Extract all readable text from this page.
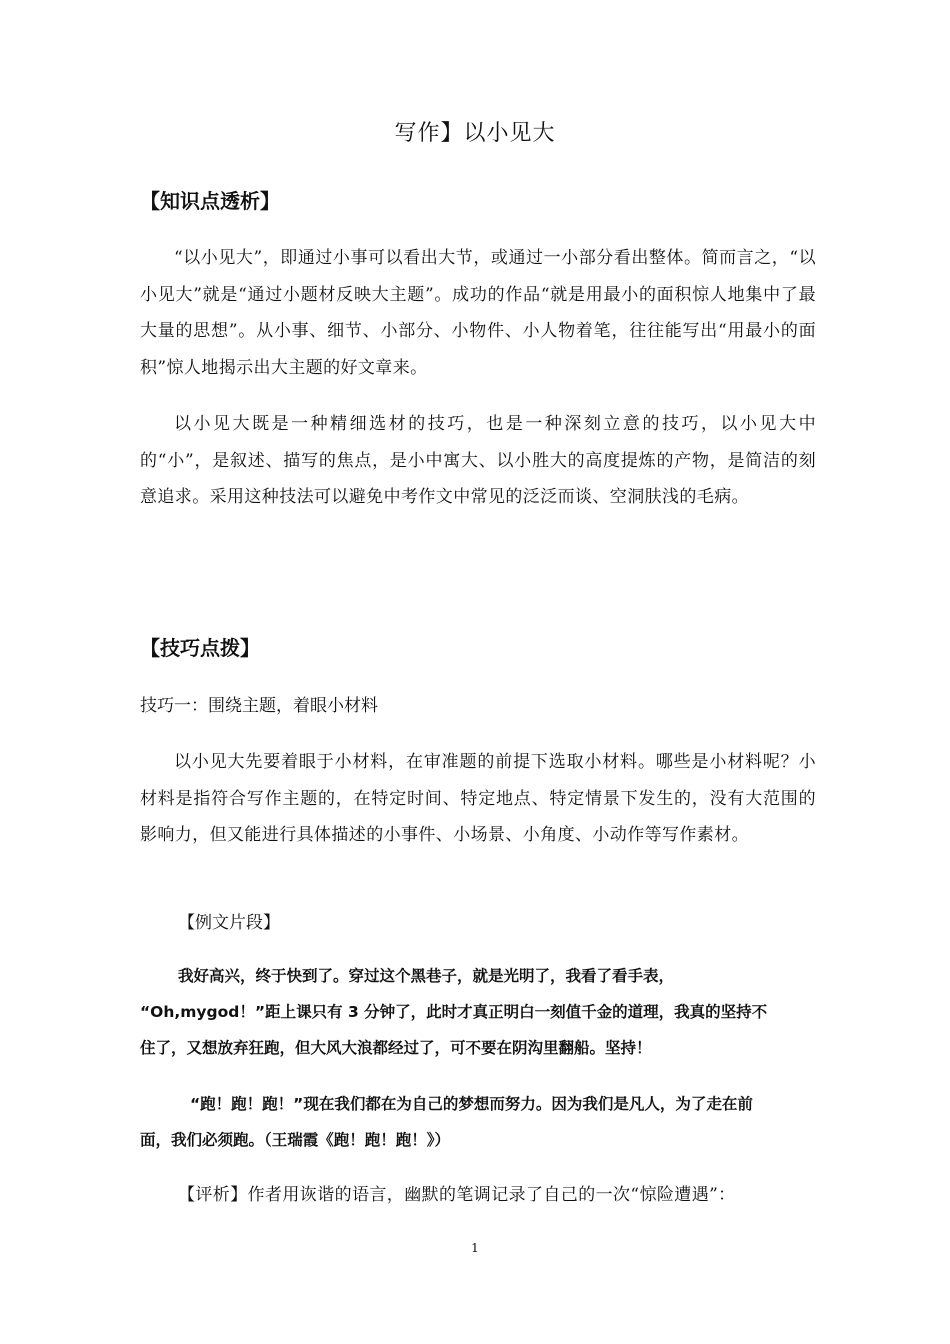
写作】以小见大
【知识点透析】
“以小见大”，即通过小事可以看出大节，或通过一小部分看出整体。简而言之，“以小见大”就是“通过小题材反映大主题”。成功的作品“就是用最小的面积惊人地集中了最大量的思想”。从小事、细节、小部分、小物件、小人物着笔，往往能写出“用最小的面积”惊人地揭示出大主题的好文章来。
以小见大既是一种精细选材的技巧，也是一种深刻立意的技巧，以小见大中的“小”，是叙述、描写的焦点，是小中寓大、以小胜大的高度提炼的产物，是简洁的刻意追求。采用这种技法可以避免中考作文中常见的泛泛而谈、空洞肤浅的毛病。
【技巧点拨】
技巧一：围绕主题，着眼小材料
以小见大先要着眼于小材料，在审准题的前提下选取小材料。哪些是小材料呢？小材料是指符合写作主题的，在特定时间、特定地点、特定情景下发生的，没有大范围的影响力，但又能进行具体描述的小事件、小场景、小角度、小动作等写作素材。
【例文片段】
我好高兴，终于快到了。穿过这个黑巷子，就是光明了，我看了看手表，
“Oh,mygod！”距上课只有 3 分钟了，此时才真正明白一刻值千金的道理，我真的坚持不
住了，又想放弃狂跑，但大风大浪都经过了，可不要在阴沟里翻船。坚持！
“跑！跑！跑！”现在我们都在为自己的梦想而努力。因为我们是凡人，为了走在前
面，我们必须跑。（王瑞霞《跑！跑！跑！》）
【评析】作者用诙谐的语言，幽默的笔调记录了自己的一次“惊险遭遇”：
1
